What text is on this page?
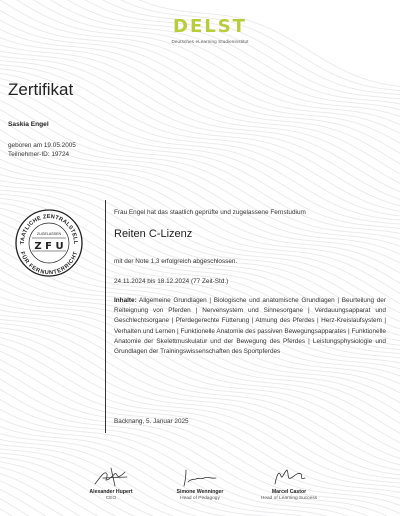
DELST
Deutsches eLearning Studieninstitut
Zertifikat
Saskia Engel
geboren am 19.05.2005
Teilnehmer-ID: 19724
TAATLICHE ZENTRALSTELL
FÜR FERNUNTERRICHT
ZUGELASSEN
Z F U
Frau Engel hat das staatlich geprüfte und zugelassene Fernstudium
Reiten C-Lizenz
mit der Note 1,3 erfolgreich abgeschlossen.
24.11.2024 bis 18.12.2024 (77 Zeit-Std.)
Inhalte: Allgemeine Grundlagen | Biologische und anatomische Grundlagen | Beurteilung der Reiteignung von Pferden | Nervensystem und Sinnesorgane | Verdauungsapparat und Geschlechtsorgane | Pferdegerechte Fütterung | Atmung des Pferdes | Herz-Kreislaufsystem | Verhalten und Lernen | Funktionelle Anatomie des passiven Bewegungsapparates | Funktionelle Anatomie der Skelettmuskulatur und der Bewegung des Pferdes | Leistungsphysiologie und Grundlagen der Trainingswissenschaften des Sportpferdes
Backnang, 5. Januar 2025
Alexander Hupert
CEO
Simone Wenninger
Head of Pedagogy
Marcel Castor
Head of Learning Success
